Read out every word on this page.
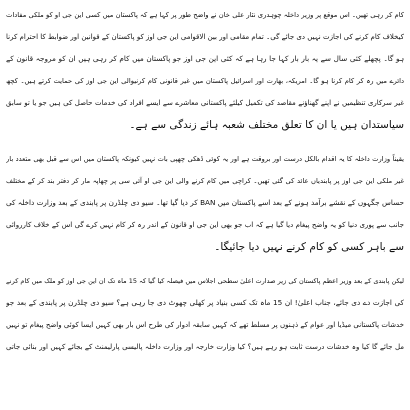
کام کر رہی تھیں۔ اس موقع پر وزیر داخلہ چوہدری نثار علی خان نے واضح طور پر کہا ہے کہ پاکستان میں کسی این جی او کو ملکی مفادات
کیخلاف کام کرنے کی اجازت نہیں دی جائے گی۔ تمام مقامی اور بین الاقوامی این جی اوز کو پاکستان کے قوانین اور ضوابط کا احترام کرنا
ہو گا۔ پچھلے کئی سال سے یہ بار بار کہا جا رہا ہے کہ کئی این جی اوز جو پاکستان میں کام کر رہی ہیں ان کو مروجہ قانون کے
دائرے میں رہ کر کام کرنا ہو گا۔ امریکہ، بھارت اور اسرائیل پاکستان میں غیر قانونی کام کرنیوالی این جی اوز کی حمایت کرتے ہیں۔ کچھ
غیر سرکاری تنظیمیں نے اپنے گھناؤنے مقاصد کی تکمیل کیلئے پاکستانی معاشرے سے ایسے افراد کی خدمات حاصل کی ہیں جو یا تو سابق
سیاستدان ہیں یا ان کا تعلق مختلف شعبہ ہائے زندگی سے ہے۔
یقیناً وزارت داخلہ کا یہ اقدام بالکل درست اور بروقت ہے اور یہ کوئی ڈھکی چھپی بات نہیں کیونکہ پاکستان میں اس سے قبل بھی متعدد بار
غیر ملکی این جی اوز پر پابندیاں عائد کی گئی تھیں۔ کراچی میں کام کرنے والی این جی او آئی سی پر چھاپہ مار کر دفتر بند کر کے مختلف
حساس جگہوں کے نقشے برآمد ہونے کے بعد اسے پاکستان میں BAN کر دیا گیا تھا۔ سیو دی چلڈرن پر پابندی کے بعد وزارت داخلہ کی
جانب سے پوری دنیا کو یہ واضح پیغام دیا گیا ہے کہ اب جو بھی این جی او قانون کے اندر رہ کر کام نہیں کرے گی اس کے خلاف کارروائی
سے باہر کسی کو کام کرنے نہیں دیا جائیگا۔
لیکن پابندی کے بعد وزیر اعظم پاکستان کی زیر صدارت اعلیٰ سطحی اجلاس میں فیصلہ کیا گیا کہ 15 ماہ تک ان این جی اوز کو ملک میں کام کرنے
کی اجازت دے دی جائے، جناب اعلیٰ! ان 15 ماہ تک کسی بنیاد پر کھلی چھوٹ دی جا رہی ہے؟ سیو دی چلڈرن پر پابندی کے بعد جو
خدشات پاکستانی میڈیا اور عوام کے ذہنوں پر مسلط تھے کہ کہیں سابقہ ادوار کی طرح اس بار بھی کہیں ایسا کوئی واضح پیغام تو نہیں
مل جائے گا کیا وہ خدشات درست ثابت ہو رہے ہیں؟ کیا وزارت خارجہ اور وزارت داخلہ پالیسی پارلیمنٹ کے بجائے کہیں اور بنائی جاتی
